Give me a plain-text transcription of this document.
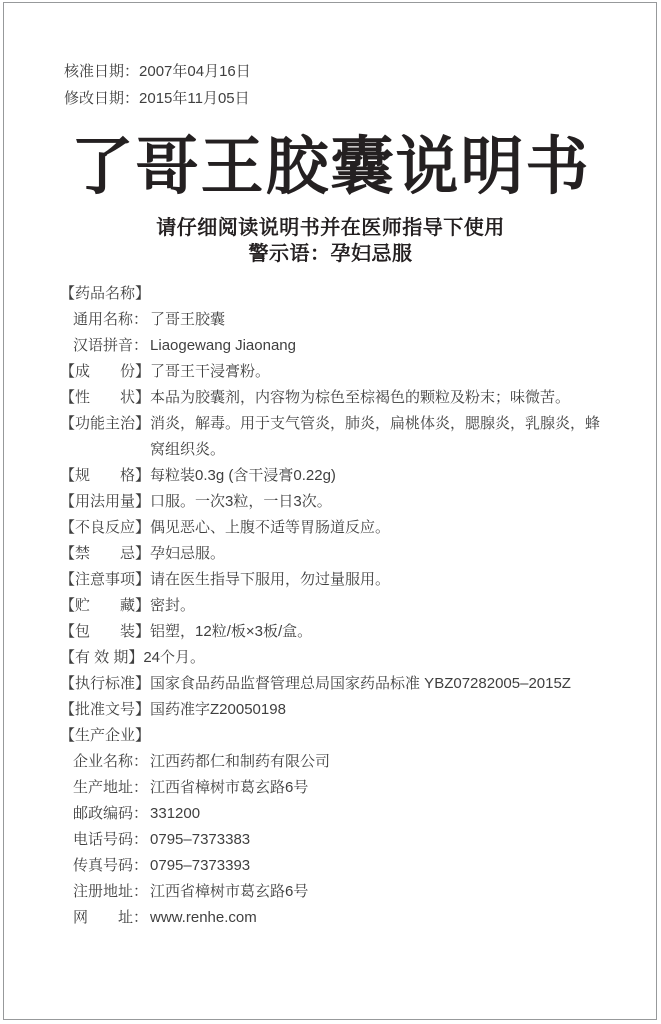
核准日期：2007年04月16日
修改日期：2015年11月05日
了哥王胶囊说明书
请仔细阅读说明书并在医师指导下使用
警示语：孕妇忌服
【药品名称】
通用名称： 了哥王胶囊
汉语拼音： Liaogewang Jiaonang
【成　　份】 了哥王干浸膏粉。
【性　　状】 本品为胶囊剂，内容物为棕色至棕褐色的颗粒及粉末；味微苦。
【功能主治】 消炎，解毒。用于支气管炎，肺炎，扁桃体炎，腮腺炎，乳腺炎，蜂窝组织炎。
【规　　格】 每粒装0.3g (含干浸膏0.22g)
【用法用量】 口服。一次3粒，一日3次。
【不良反应】 偶见恶心、上腹不适等胃肠道反应。
【禁　　忌】 孕妇忌服。
【注意事项】 请在医生指导下服用，勿过量服用。
【贮　　藏】 密封。
【包　　装】 铝塑，12粒/板×3板/盒。
【有 效 期】 24个月。
【执行标准】 国家食品药品监督管理总局国家药品标准 YBZ07282005–2015Z
【批准文号】 国药准字Z20050198
【生产企业】
企业名称： 江西药都仁和制药有限公司
生产地址： 江西省樟树市葛玄路6号
邮政编码： 331200
电话号码： 0795–7373383
传真号码： 0795–7373393
注册地址： 江西省樟树市葛玄路6号
网　　址： www.renhe.com
